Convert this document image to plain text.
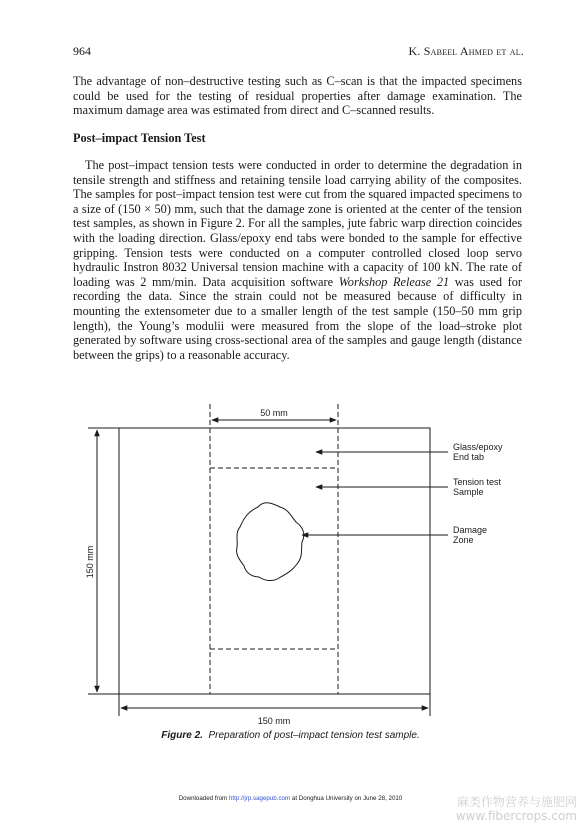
964	K. Sabeel Ahmed et al.

The advantage of non–destructive testing such as C–scan is that the impacted specimens could be used for the testing of residual properties after damage examination. The maximum damage area was estimated from direct and C–scanned results.

Post–impact Tension Test

The post–impact tension tests were conducted in order to determine the degradation in tensile strength and stiffness and retaining tensile load carrying ability of the composites. The samples for post–impact tension test were cut from the squared impacted specimens to a size of (150 × 50) mm, such that the damage zone is oriented at the center of the tension test samples, as shown in Figure 2. For all the samples, jute fabric warp direction coincides with the loading direction. Glass/epoxy end tabs were bonded to the sample for effective gripping. Tension tests were conducted on a computer controlled closed loop servo hydraulic Instron 8032 Universal tension machine with a capacity of 100 kN. The rate of loading was 2 mm/min. Data acquisition software Workshop Release 21 was used for recording the data. Since the strain could not be measured because of difficulty in mounting the extensometer due to a smaller length of the test sample (150–50 mm grip length), the Young’s modulii were measured from the slope of the load–stroke plot generated by software using cross-sectional area of the samples and gauge length (distance between the grips) to a reasonable accuracy.

50 mm
150 mm
150 mm
Glass/epoxy
End tab
Tension test
Sample
Damage
Zone
Figure 2. Preparation of post–impact tension test sample.
Downloaded from http://jrp.sagepub.com at Donghua University on June 28, 2010	麻类作物营养与施肥网
www.fibercrops.com
